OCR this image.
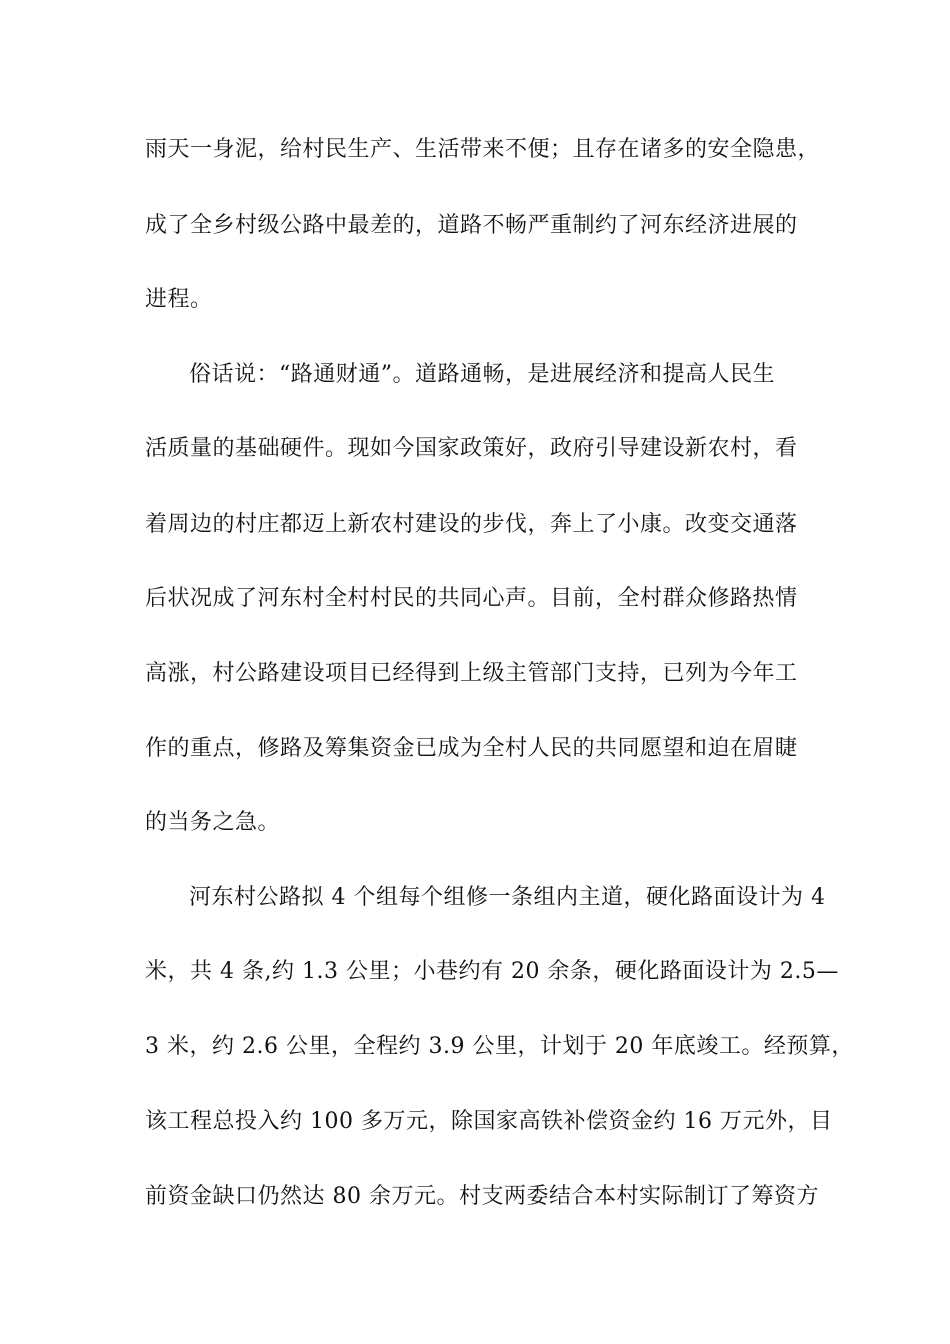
雨天一身泥，给村民生产、生活带来不便；且存在诸多的安全隐患，
成了全乡村级公路中最差的，道路不畅严重制约了河东经济进展的
进程。
俗话说：“路通财通”。道路通畅，是进展经济和提高人民生
活质量的基础硬件。现如今国家政策好，政府引导建设新农村，看
着周边的村庄都迈上新农村建设的步伐，奔上了小康。改变交通落
后状况成了河东村全村村民的共同心声。目前，全村群众修路热情
高涨，村公路建设项目已经得到上级主管部门支持，已列为今年工
作的重点，修路及筹集资金已成为全村人民的共同愿望和迫在眉睫
的当务之急。
河东村公路拟 4 个组每个组修一条组内主道，硬化路面设计为 4
米，共 4 条,约 1.3 公里；小巷约有 20 余条，硬化路面设计为 2.5—
3 米，约 2.6 公里，全程约 3.9 公里，计划于 20 年底竣工。经预算，
该工程总投入约 100 多万元，除国家高铁补偿资金约 16 万元外，目
前资金缺口仍然达 80 余万元。村支两委结合本村实际制订了筹资方
